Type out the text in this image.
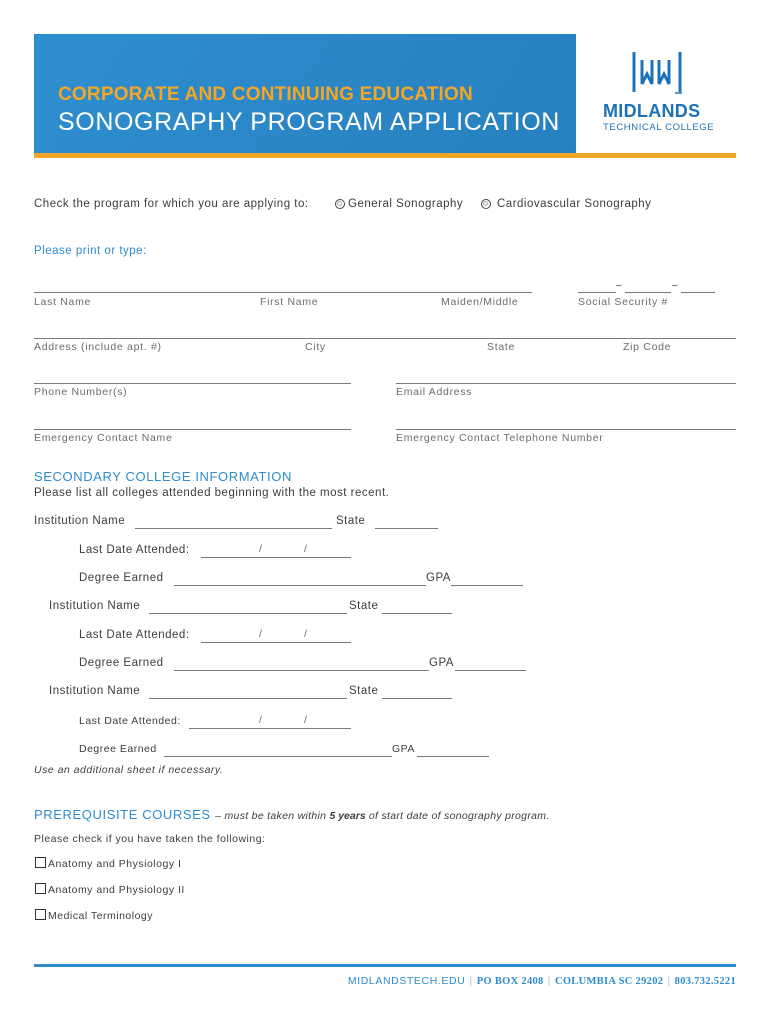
CORPORATE AND CONTINUING EDUCATION
SONOGRAPHY PROGRAM APPLICATION MIDLANDS
TECHNICAL COLLEGE
Check the program for which you are applying to:	General Sonography	Cardiovascular Sonography
Please print or type:
–	–
Last Name	First Name	Maiden/Middle	Social Security #
Address (include apt. #)	City	State	Zip Code
Phone Number(s)	Email Address
Emergency Contact Name	Emergency Contact Telephone Number
SECONDARY COLLEGE INFORMATION
Please list all colleges attended beginning with the most recent.
Institution Name	State
Last Date Attended:	/	/
Degree Earned	GPA
Institution Name	State
Last Date Attended:	/	/
Degree Earned	GPA
Institution Name	State
Last Date Attended:	/	/
Degree Earned	GPA
Use an additional sheet if necessary.
PREREQUISITE COURSES – must be taken within 5 years of start date of sonography program.
Please check if you have taken the following:
Anatomy and Physiology I
Anatomy and Physiology II
Medical Terminology
MIDLANDSTECH.EDU | PO BOX 2408 | COLUMBIA SC 29202 | 803.732.5221
